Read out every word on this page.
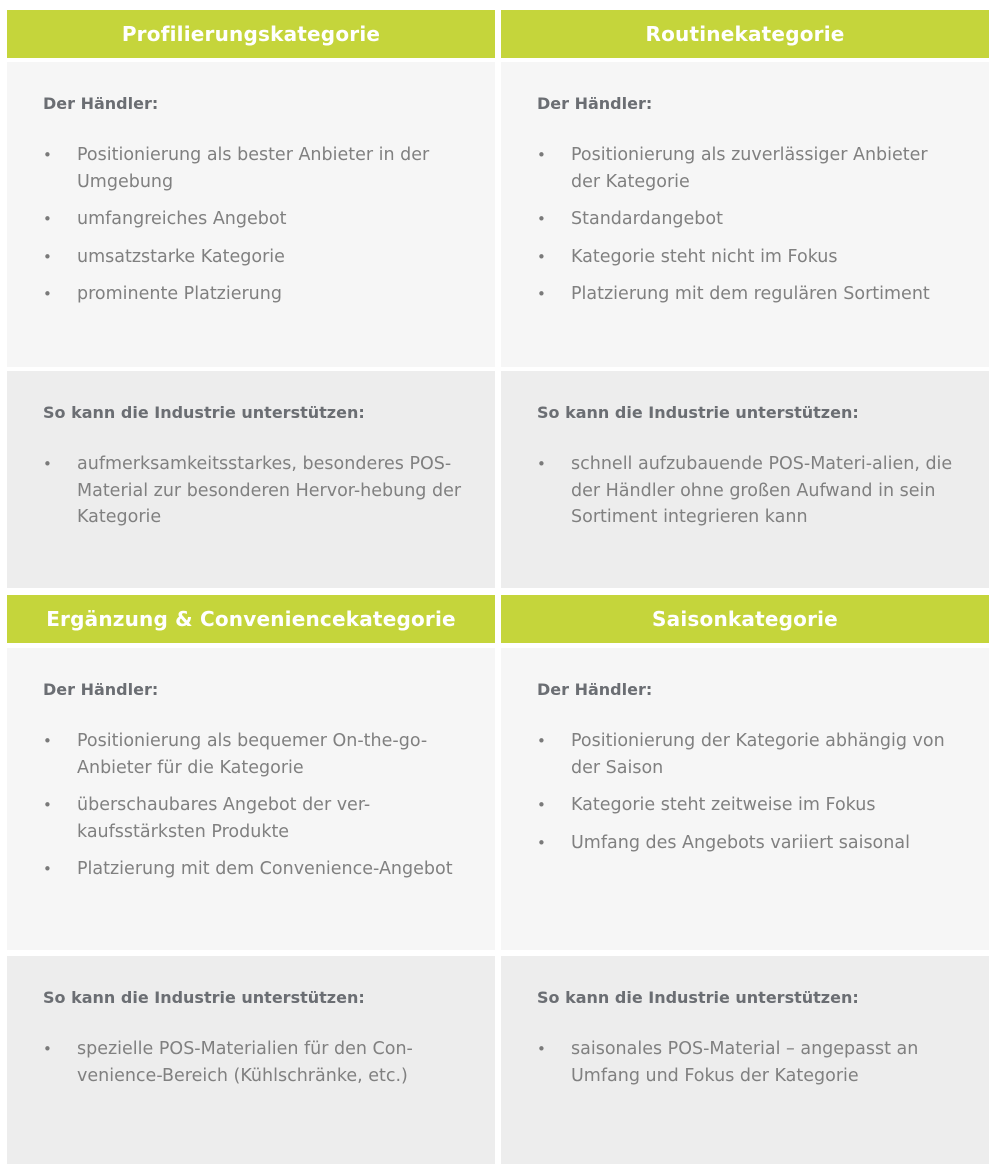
Profilierungskategorie
Der Händler:
• Positionierung als bester Anbieter in der Umgebung
• umfangreiches Angebot
• umsatzstarke Kategorie
• prominente Platzierung
So kann die Industrie unterstützen:
• aufmerksamkeitsstarkes, besonderes POS-Material zur besonderen Hervor-hebung der Kategorie
Routinekategorie
Der Händler:
• Positionierung als zuverlässiger Anbieter der Kategorie
• Standardangebot
• Kategorie steht nicht im Fokus
• Platzierung mit dem regulären Sortiment
So kann die Industrie unterstützen:
• schnell aufzubauende POS-Materi-alien, die der Händler ohne großen Aufwand in sein Sortiment integrieren kann
Ergänzung & Conveniencekategorie
Der Händler:
• Positionierung als bequemer On-the-go-Anbieter für die Kategorie
• überschaubares Angebot der ver-kaufsstärksten Produkte
• Platzierung mit dem Convenience-Angebot
So kann die Industrie unterstützen:
• spezielle POS-Materialien für den Con-venience-Bereich (Kühlschränke, etc.)
Saisonkategorie
Der Händler:
• Positionierung der Kategorie abhängig von der Saison
• Kategorie steht zeitweise im Fokus
• Umfang des Angebots variiert saisonal
So kann die Industrie unterstützen:
• saisonales POS-Material – angepasst an Umfang und Fokus der Kategorie
